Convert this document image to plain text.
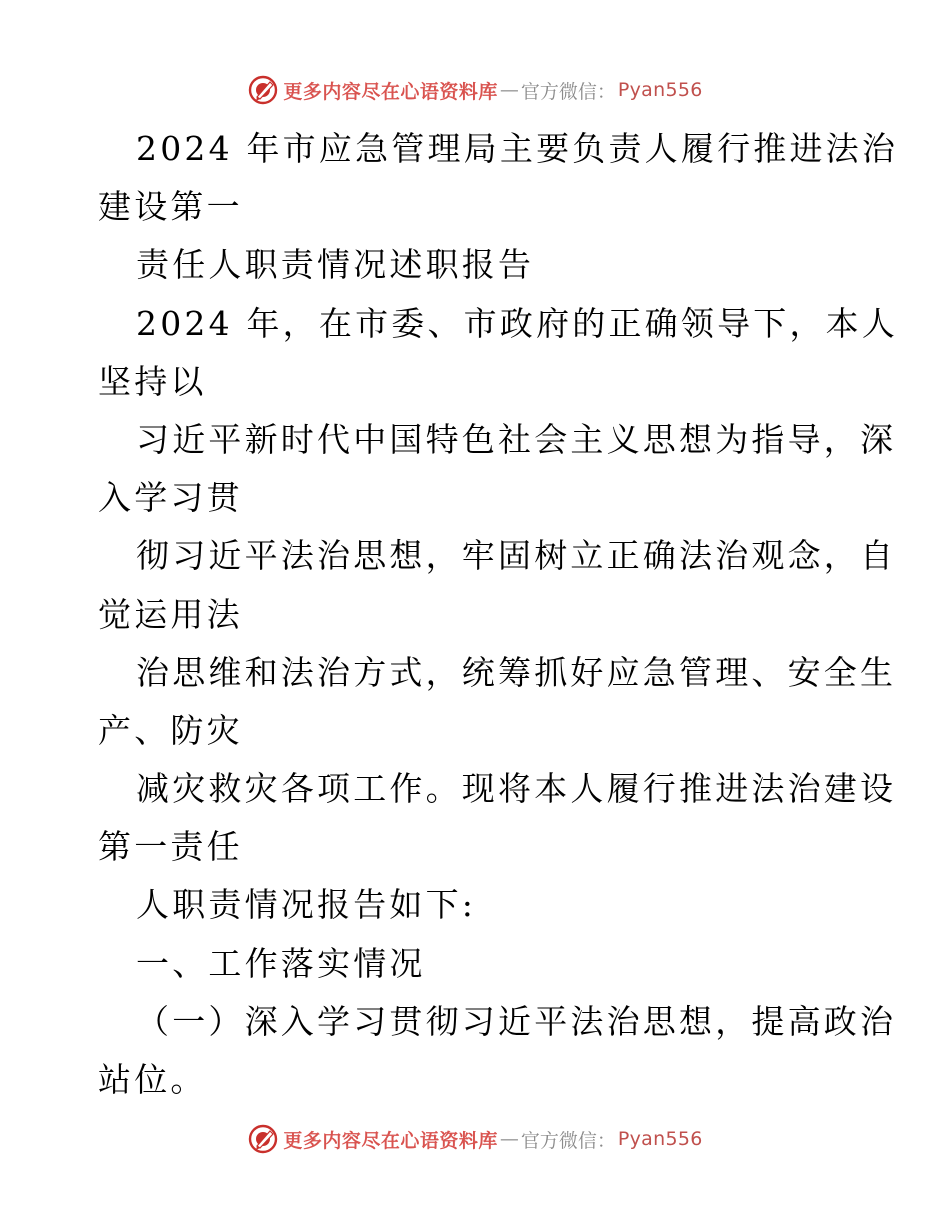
更多内容尽在心语资料库 — 官方微信： Pyan556
2024 年市应急管理局主要负责人履行推进法治
建设第一
责任人职责情况述职报告
2024 年，在市委、市政府的正确领导下，本人
坚持以
习近平新时代中国特色社会主义思想为指导，深
入学习贯
彻习近平法治思想，牢固树立正确法治观念，自
觉运用法
治思维和法治方式，统筹抓好应急管理、安全生
产、防灾
减灾救灾各项工作。现将本人履行推进法治建设
第一责任
人职责情况报告如下:
一、工作落实情况
（一）深入学习贯彻习近平法治思想，提高政治
站位。
更多内容尽在心语资料库 — 官方微信： Pyan556
